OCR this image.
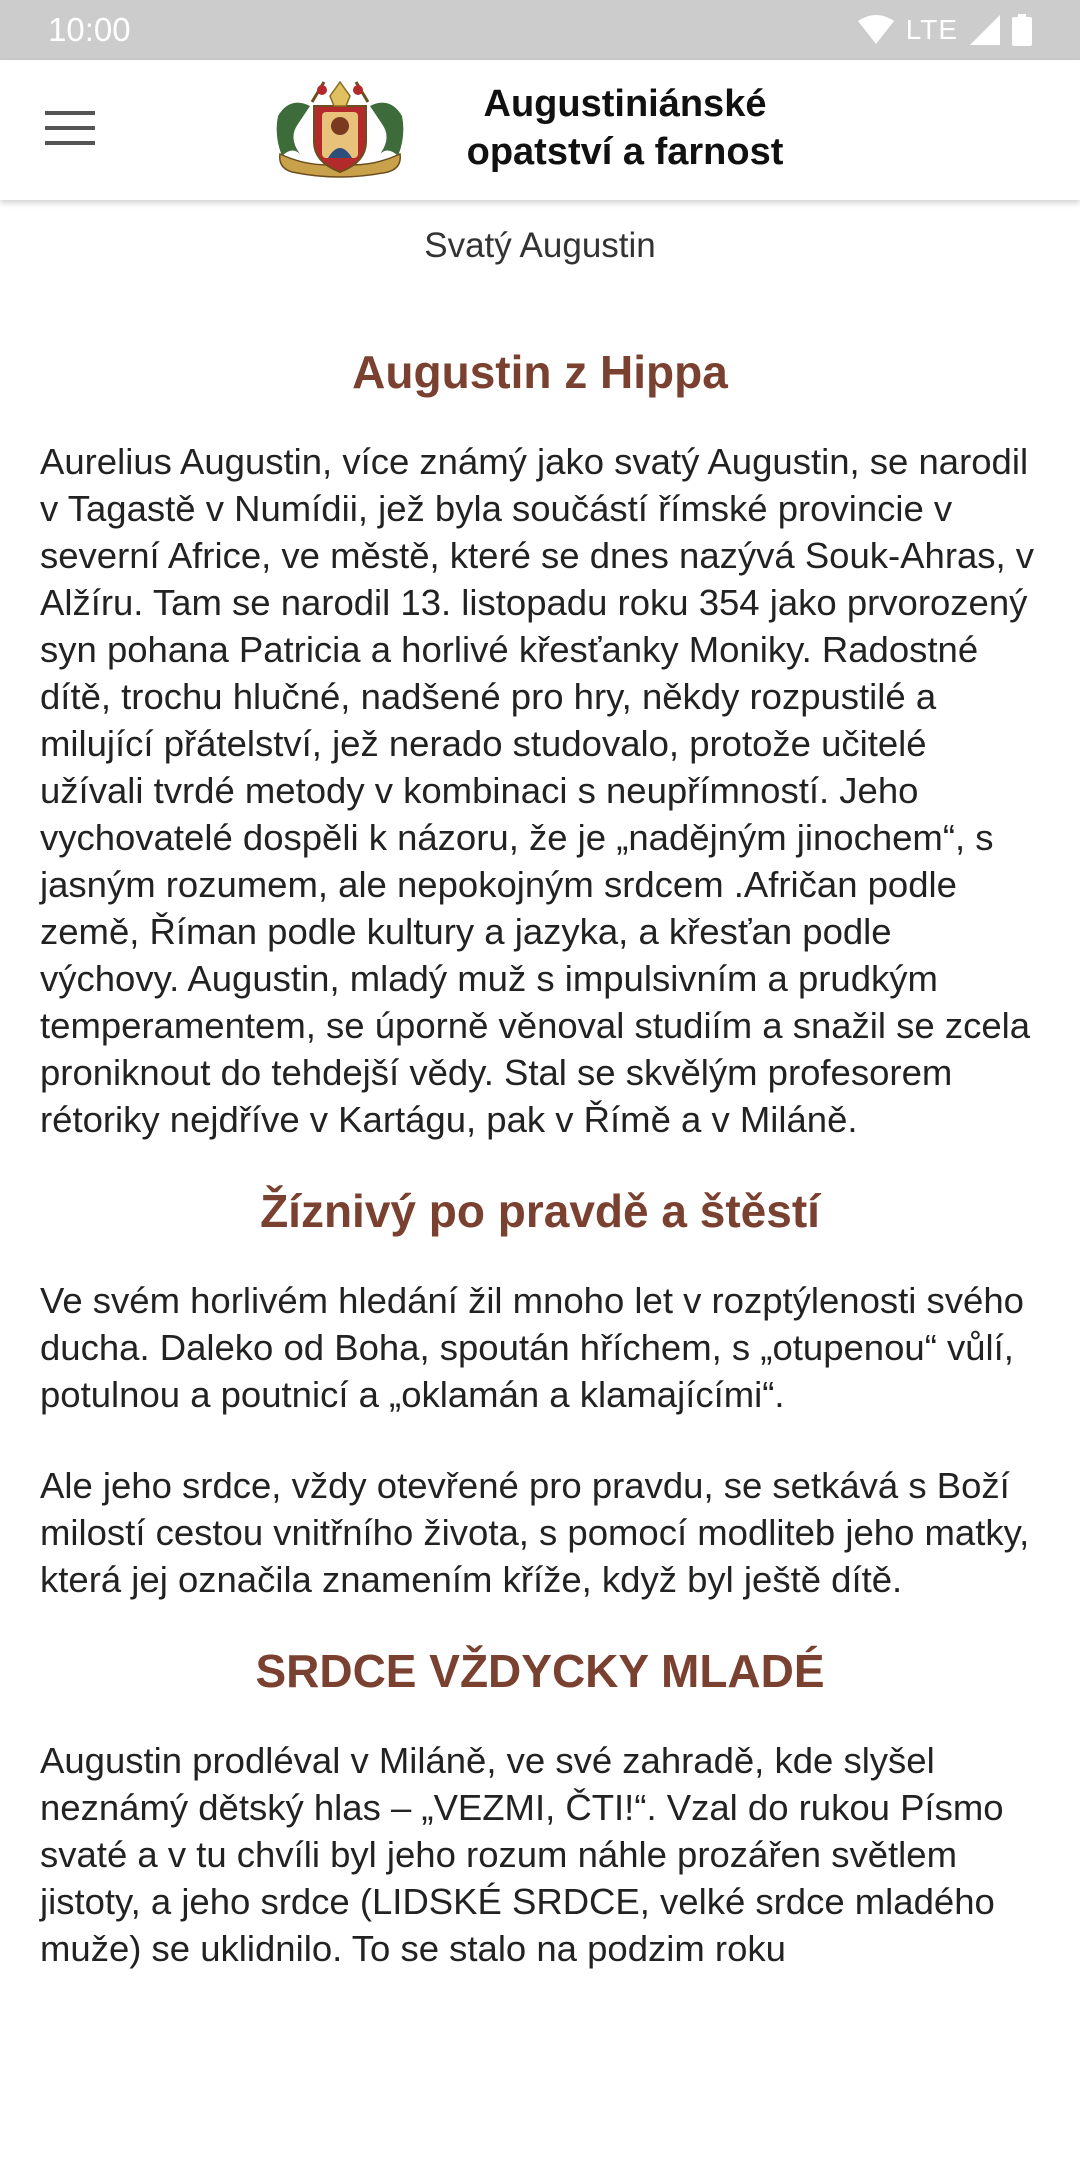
10:00	LTE
Augustiniánské
opatství a farnost
Svatý Augustin
Augustin z Hippa

Aurelius Augustin, více známý jako svatý Augustin, se narodil v Tagastě v Numídii, jež byla součástí římské provincie v severní Africe, ve městě, které se dnes nazývá Souk-Ahras, v Alžíru. Tam se narodil 13. listopadu roku 354 jako prvorozený syn pohana Patricia a horlivé křesťanky Moniky. Radostné dítě, trochu hlučné, nadšené pro hry, někdy rozpustilé a milující přátelství, jež nerado studovalo, protože učitelé užívali tvrdé metody v kombinaci s neupřímností. Jeho vychovatelé dospěli k názoru, že je „nadějným jinochem“, s jasným rozumem, ale nepokojným srdcem .Afričan podle země, Říman podle kultury a jazyka, a křesťan podle výchovy. Augustin, mladý muž s impulsivním a prudkým temperamentem, se úporně věnoval studiím a snažil se zcela proniknout do tehdejší vědy. Stal se skvělým profesorem rétoriky nejdříve v Kartágu, pak v Římě a v Miláně.

Žíznivý po pravdě a štěstí

Ve svém horlivém hledání žil mnoho let v rozptýlenosti svého ducha. Daleko od Boha, spoután hříchem, s „otupenou“ vůlí, potulnou a poutnicí a „oklamán a klamajícími“.

Ale jeho srdce, vždy otevřené pro pravdu, se setkává s Boží milostí cestou vnitřního života, s pomocí modliteb jeho matky, která jej označila znamením kříže, když byl ještě dítě.

SRDCE VŽDYCKY MLADÉ

Augustin prodléval v Miláně, ve své zahradě, kde slyšel neznámý dětský hlas – „VEZMI, ČTI!“. Vzal do rukou Písmo svaté a v tu chvíli byl jeho rozum náhle prozářen světlem jistoty, a jeho srdce (LIDSKÉ SRDCE, velké srdce mladého muže) se uklidnilo. To se stalo na podzim roku
